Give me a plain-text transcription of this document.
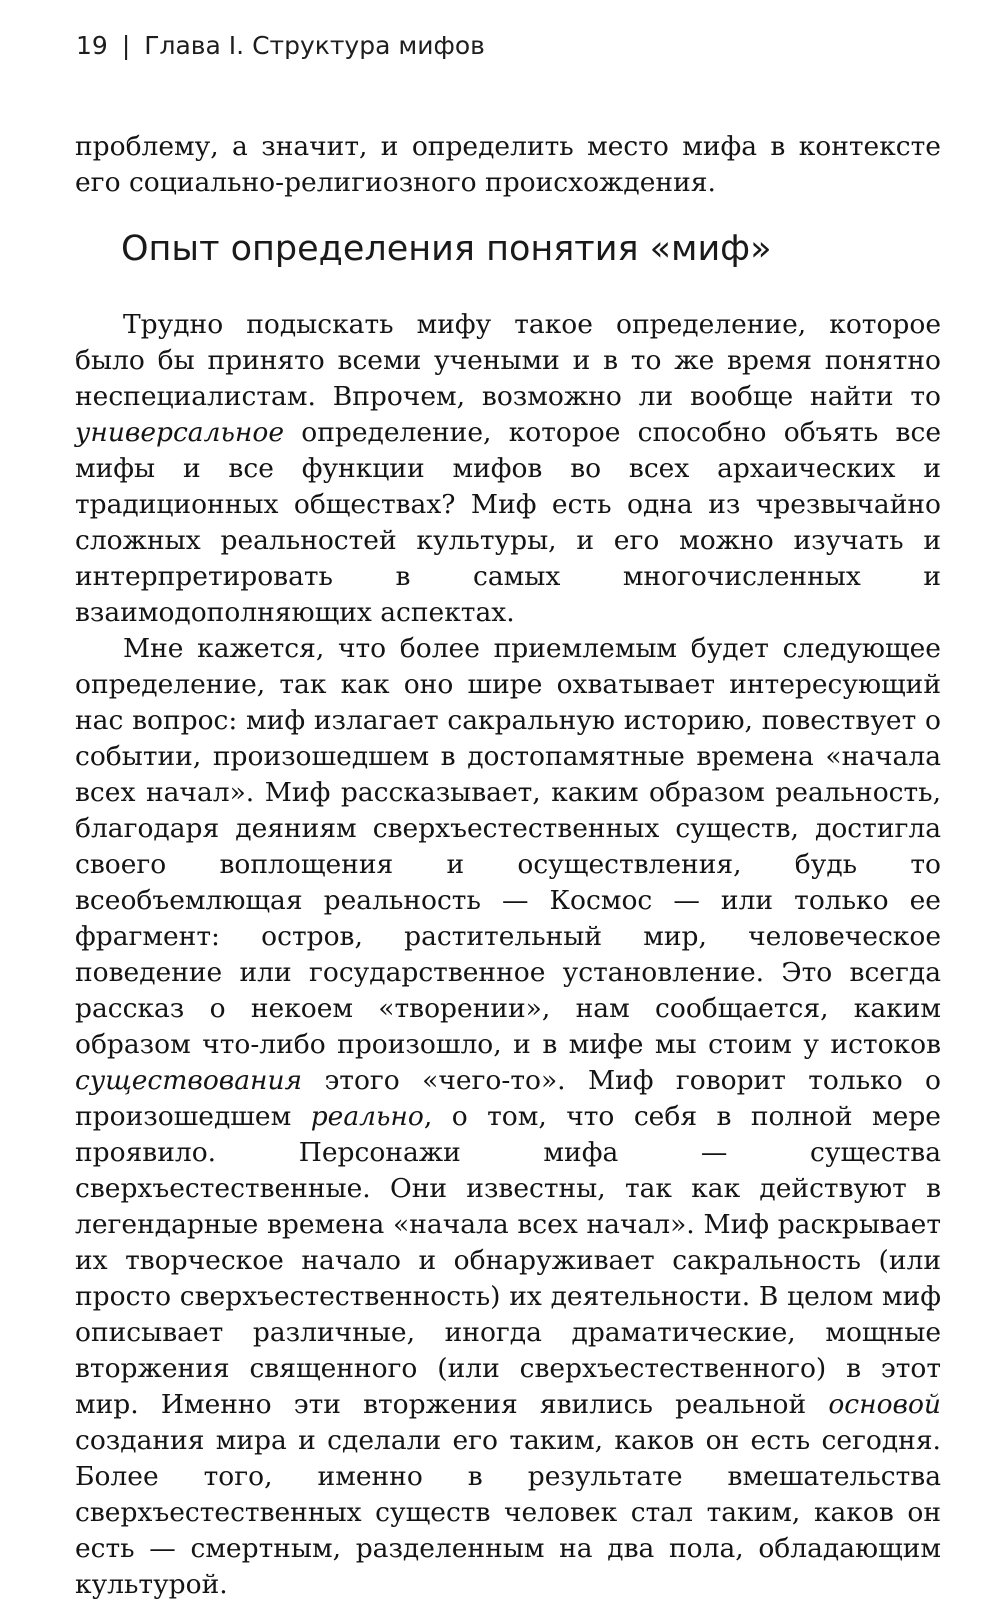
19 | Глава I. Структура мифов
проблему, а значит, и определить место мифа в контексте его социально-религиозного происхождения.
Опыт определения понятия «миф»

Трудно подыскать мифу такое определение, которое было бы принято всеми учеными и в то же время понятно неспециалистам. Впрочем, возможно ли вообще найти то универсальное определение, которое способно объять все мифы и все функции мифов во всех архаических и традиционных обществах? Миф есть одна из чрезвычайно сложных реальностей культуры, и его можно изучать и интерпретировать в самых многочисленных и взаимодополняющих аспектах.

Мне кажется, что более приемлемым будет следующее определение, так как оно шире охватывает интересующий нас вопрос: миф излагает сакральную историю, повествует о событии, произошедшем в достопамятные времена «начала всех начал». Миф рассказывает, каким образом реальность, благодаря деяниям сверхъестественных существ, достигла своего воплощения и осуществления, будь то всеобъемлющая реальность — Космос — или только ее фрагмент: остров, растительный мир, человеческое поведение или государственное установление. Это всегда рассказ о некоем «творении», нам сообщается, каким образом что-либо произошло, и в мифе мы стоим у истоков существования этого «чего-то». Миф говорит только о произошедшем реально, о том, что себя в полной мере проявило. Персонажи мифа — существа сверхъестественные. Они известны, так как действуют в легендарные времена «начала всех начал». Миф раскрывает их творческое начало и обнаруживает сакральность (или просто сверхъестественность) их деятельности. В целом миф описывает различные, иногда драматические, мощные вторжения священного (или сверхъестественного) в этот мир. Именно эти вторжения явились реальной основой создания мира и сделали его таким, каков он есть сегодня. Более того, именно в результате вмешательства сверхъестественных существ человек стал таким, каков он есть — смертным, разделенным на два пола, обладающим культурой.
